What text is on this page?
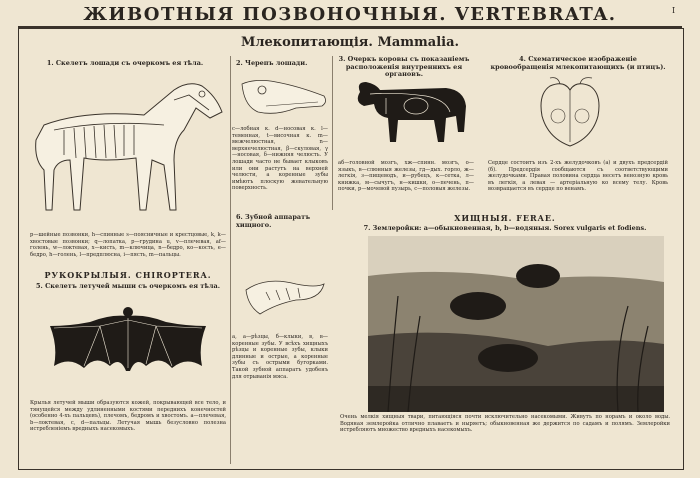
ЖИВОТНЫЯ ПОЗВОНОЧНЫЯ. VERTEBRATA.	I
Млекопитающія. Mammalia.
1. Скелетъ лошади съ очеркомъ ея тѣла.
p—шейные позвонки, h—спинные s—поясничные и крестцовые, k, k—хвостовые позвонки; q—лопатка, p—грудина u, v—плечевая, af—голень, w—локтевая, x—кисть, m—ключица, n—бедро, ко—кость, e—бедро, h—голень, l—предплюсна, i—пясть, m—пальцы.
РУКОКРЫЛЫЯ. CHIROPTERA.
5. Скелетъ летучей мыши съ очеркомъ ея тѣла.
Крылья летучей мыши образуются кожей, покрывающей все тело, и тянущейся между удлиненными костями переднихъ конечностей (особенно 4-хъ пальцевъ), плечомъ, бедромъ и хвостомъ. a—плечевая, b—локтевая, c, d—пальцы. Летучая мышь безусловно полезна истребленіемъ вредныхъ насекомыхъ.
2. Черепъ лошади.
c—лобная к. d—носовая к. l—теменная, t—височная к. m—межчелюстная, n—верхнечелюстная, β—скуловая, γ—носовая, δ—нижняя челюсть. У лошади часто не бывает клыковъ или они растутъ на верхней челюсти, а коренные зубы имѣютъ плоскую жевательную поверхность.
6. Зубной аппаратъ хищного.
а, а—рѣзцы, б—клыки, в, в—коренные зубы. У всѣхъ хищныхъ рѣзцы и коренные зубы, клыки длинные и острые, а коренные зубы съ острыми бугорками. Такой зубной аппаратъ удобенъ для отрыванія мяса.
3. Очеркъ коровы съ показаніемъ расположенія внутреннихъ ея органовъ.
аб—головной мозгъ, хж—спинн. мозгъ, о—языкъ, в—слюнныя железы, гд—дых. горло, ж—легкія, з—пищеводъ, и—рубецъ, к—сетка, л—книжка, м—сычугъ, н—кишки, о—печень, п—почки, р—мочевой пузырь, с—половыя железы.
4. Схематическое изображеніе кровообращенія млекопитающихъ (и птицъ).
Сердце состоитъ изъ 2-хъ желудочковъ (a) и двухъ предсердій (б). Предсердія сообщаются съ соответствующими желудочками. Правая половина сердца несетъ венозную кровь въ легкія, а левая — артеріальную ко всему телу. Кровь возвращается въ сердце по венамъ.
ХИЩНЫЯ. FERAE.
7. Землеройки: a—обыкновенная, b, b—водяныя. Sorex vulgaris et fodiens.
Очень мелкія хищныя твари, питающіяся почти исключительно насекомыми. Живутъ по норамъ и около воды. Водяная землеройка отлично плаваетъ и ныряетъ; обыкновенная же держится по садамъ и полямъ. Землеройки истребляютъ множество вредныхъ насекомыхъ.
